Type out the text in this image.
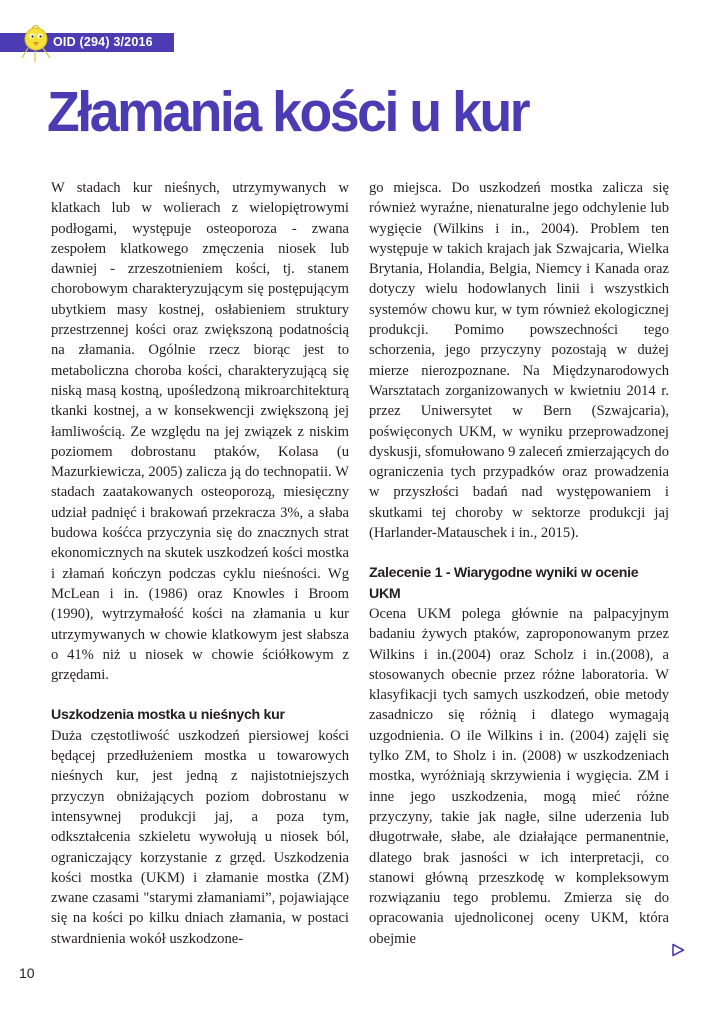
OID (294) 3/2016
Złamania kości u kur

W stadach kur nieśnych, utrzymywanych w klatkach lub w wolierach z wielopiętrowymi podłogami, występuje osteoporoza - zwana zespołem klatkowego zmęczenia niosek lub dawniej - zrzeszotnieniem kości, tj. stanem chorobowym charakteryzującym się postępującym ubytkiem masy kostnej, osłabieniem struktury przestrzennej kości oraz zwiększoną podatnością na złamania. Ogólnie rzecz biorąc jest to metaboliczna choroba kości, charakteryzującą się niską masą kostną, upośledzoną mikroarchitekturą tkanki kostnej, a w konsekwencji zwiększoną jej łamliwością. Ze względu na jej związek z niskim poziomem dobrostanu ptaków, Kolasa (u Mazurkiewicza, 2005) zalicza ją do technopatii. W stadach zaatakowanych osteoporozą, miesięczny udział padnięć i brakowań przekracza 3%, a słaba budowa kośćca przyczynia się do znacznych strat ekonomicznych na skutek uszkodzeń kości mostka i złamań kończyn podczas cyklu nieśności. Wg McLean i in. (1986) oraz Knowles i Broom (1990), wytrzymałość kości na złamania u kur utrzymywanych w chowie klatkowym jest słabsza o 41% niż u niosek w chowie ściółkowym z grzędami.

Uszkodzenia mostka u nieśnych kur

Duża częstotliwość uszkodzeń piersiowej kości będącej przedłużeniem mostka u towarowych nieśnych kur, jest jedną z najistotniejszych przyczyn obniżających poziom dobrostanu w intensywnej produkcji jaj, a poza tym, odkształcenia szkieletu wywołują u niosek ból, ograniczający korzystanie z grzęd. Uszkodzenia kości mostka (UKM) i złamanie mostka (ZM) zwane czasami "starymi złamaniami”, pojawiające się na kości po kilku dniach złamania, w postaci stwardnienia wokół uszkodzone-

go miejsca. Do uszkodzeń mostka zalicza się również wyraźne, nienaturalne jego odchylenie lub wygięcie (Wilkins i in., 2004). Problem ten występuje w takich krajach jak Szwajcaria, Wielka Brytania, Holandia, Belgia, Niemcy i Kanada oraz dotyczy wielu hodowlanych linii i wszystkich systemów chowu kur, w tym również ekologicznej produkcji. Pomimo powszechności tego schorzenia, jego przyczyny pozostają w dużej mierze nierozpoznane. Na Międzynarodowych Warsztatach zorganizowanych w kwietniu 2014 r. przez Uniwersytet w Bern (Szwajcaria), poświęconych UKM, w wyniku przeprowadzonej dyskusji, sfomułowano 9 zaleceń zmierzających do ograniczenia tych przypadków oraz prowadzenia w przyszłości badań nad występowaniem i skutkami tej choroby w sektorze produkcji jaj (Harlander-Matauschek i in., 2015).

Zalecenie 1 - Wiarygodne wyniki w ocenie UKM

Ocena UKM polega głównie na palpacyjnym badaniu żywych ptaków, zaproponowanym przez Wilkins i in.(2004) oraz Scholz i in.(2008), a stosowanych obecnie przez różne laboratoria. W klasyfikacji tych samych uszkodzeń, obie metody zasadniczo się różnią i dlatego wymagają uzgodnienia. O ile Wilkins i in. (2004) zajęli się tylko ZM, to Sholz i in. (2008) w uszkodzeniach mostka, wyróżniają skrzywienia i wygięcia. ZM i inne jego uszkodzenia, mogą mieć różne przyczyny, takie jak nagłe, silne uderzenia lub długotrwałe, słabe, ale działające permanentnie, dlatego brak jasności w ich interpretacji, co stanowi główną przeszkodę w kompleksowym rozwiązaniu tego problemu. Zmierza się do opracowania ujednoliconej oceny UKM, która obejmie

10
